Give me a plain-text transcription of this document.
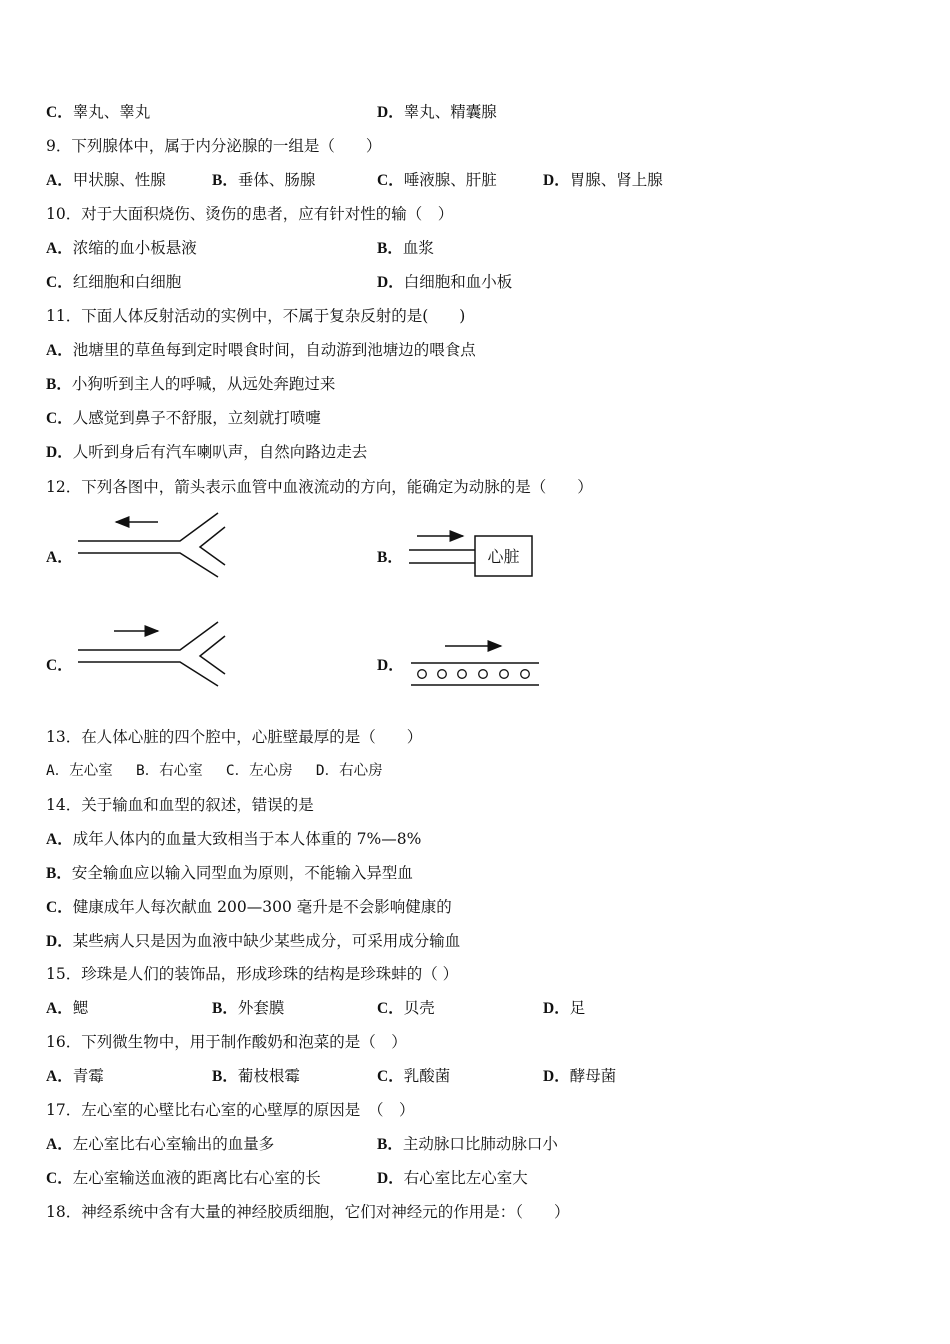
C．睾丸、睾丸	D．睾丸、精囊腺
9．下列腺体中，属于内分泌腺的一组是（　　）
A．甲状腺、性腺	B．垂体、肠腺	C．唾液腺、肝脏	D．胃腺、肾上腺
10．对于大面积烧伤、烫伤的患者，应有针对性的输（　）
A．浓缩的血小板悬液	B．血浆
C．红细胞和白细胞	D．白细胞和血小板
11．下面人体反射活动的实例中，不属于复杂反射的是(　　)
A．池塘里的草鱼每到定时喂食时间，自动游到池塘边的喂食点
B．小狗听到主人的呼喊，从远处奔跑过来
C．人感觉到鼻子不舒服，立刻就打喷嚏
D．人听到身后有汽车喇叭声，自然向路边走去
12．下列各图中，箭头表示血管中血液流动的方向，能确定为动脉的是（　　）
A．	B．	心脏
C．	D．
13．在人体心脏的四个腔中，心脏壁最厚的是（　　）
A．左心室　 B．右心室　 C．左心房　 D．右心房
14．关于输血和血型的叙述，错误的是
A．成年人体内的血量大致相当于本人体重的 7%—8%
B．安全输血应以输入同型血为原则，不能输入异型血
C．健康成年人每次献血 200—300 毫升是不会影响健康的
D．某些病人只是因为血液中缺少某些成分，可采用成分输血
15．珍珠是人们的装饰品，形成珍珠的结构是珍珠蚌的（ ）
A．鳃	B．外套膜	C．贝壳	D．足
16．下列微生物中，用于制作酸奶和泡菜的是（　）
A．青霉	B．葡枝根霉	C．乳酸菌	D．酵母菌
17．左心室的心壁比右心室的心壁厚的原因是　（　）
A．左心室比右心室输出的血量多	B．主动脉口比肺动脉口小
C．左心室输送血液的距离比右心室的长	D．右心室比左心室大
18．神经系统中含有大量的神经胶质细胞，它们对神经元的作用是：（　　）
